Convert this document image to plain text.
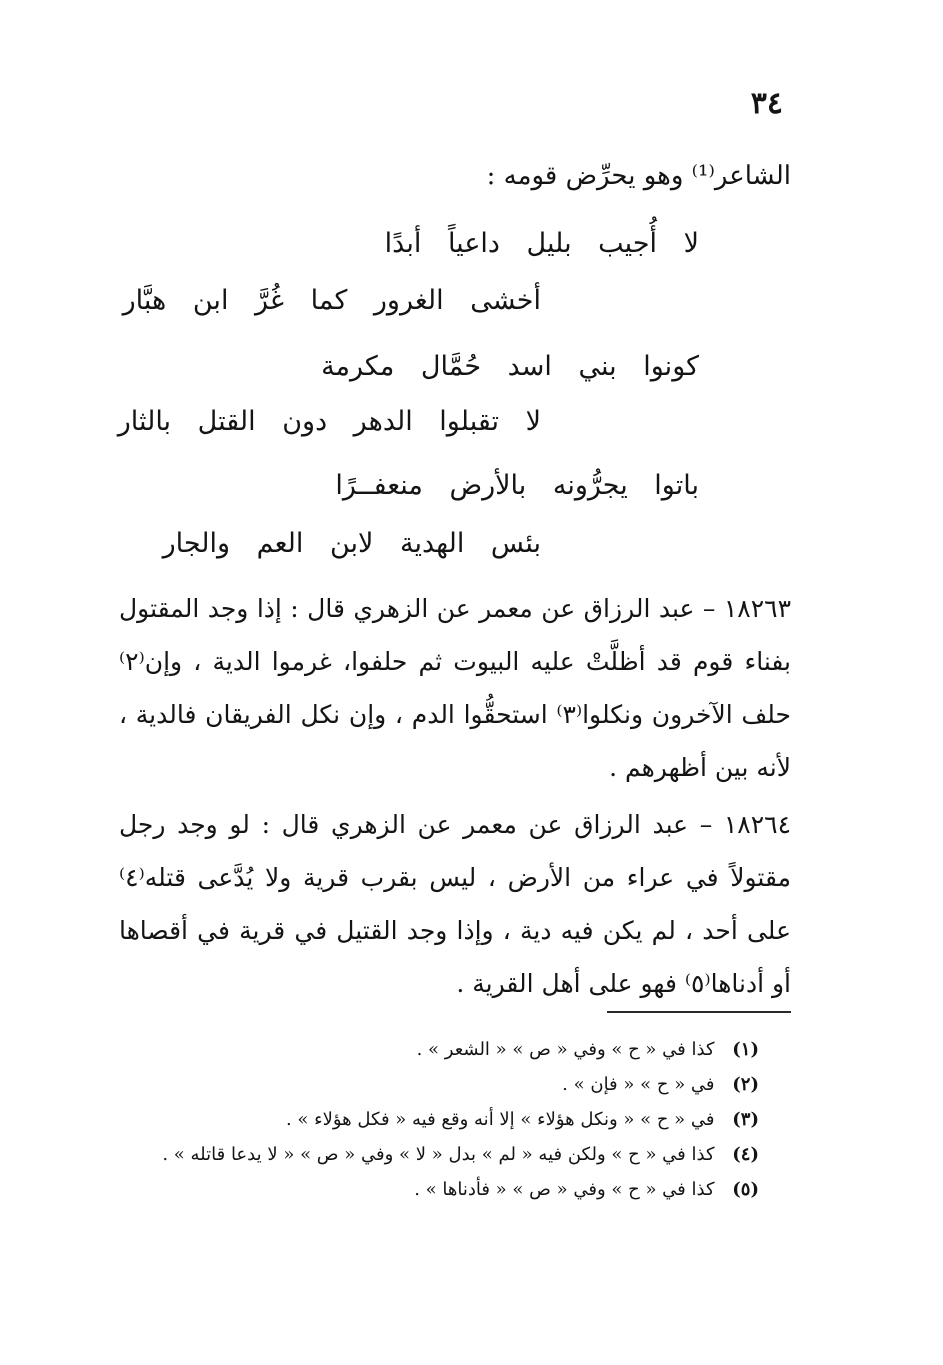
٣٤
الشاعر⁽¹⁾ وهو يحرِّض قومه :
لا أُجيب بليل داعياً أبدًا
أخشى الغرور كما غُرَّ ابن هبَّار
كونوا بني اسد حُمَّال مكرمة
لا تقبلوا الدهر دون القتل بالثار
باتوا يجرُّونه بالأرض منعفــرًا
بئس الهدية لابن العم والجار

١٨٢٦٣ – عبد الرزاق عن معمر عن الزهري قال : إذا وجد المقتول بفناء قوم قد أظلَّتْ عليه البيوت ثم حلفوا، غرموا الدية ، وإن⁽٢⁾ حلف الآخرون ونكلوا⁽٣⁾ استحقُّوا الدم ، وإن نكل الفريقان فالدية ، لأنه بين أظهرهم .

١٨٢٦٤ – عبد الرزاق عن معمر عن الزهري قال : لو وجد رجل مقتولاً في عراء من الأرض ، ليس بقرب قرية ولا يُدَّعى قتله⁽٤⁾ على أحد ، لم يكن فيه دية ، وإذا وجد القتيل في قرية في أقصاها أو أدناها⁽٥⁾ فهو على أهل القرية .

(١) كذا في « ح » وفي « ص » « الشعر » .
(٢) في « ح » « فإن » .
(٣) في « ح » « ونكل هؤلاء » إلا أنه وقع فيه « فكل هؤلاء » .
(٤) كذا في « ح » ولكن فيه « لم » بدل « لا » وفي « ص » « لا يدعا قاتله » .
(٥) كذا في « ح » وفي « ص » « فأدناها » .
